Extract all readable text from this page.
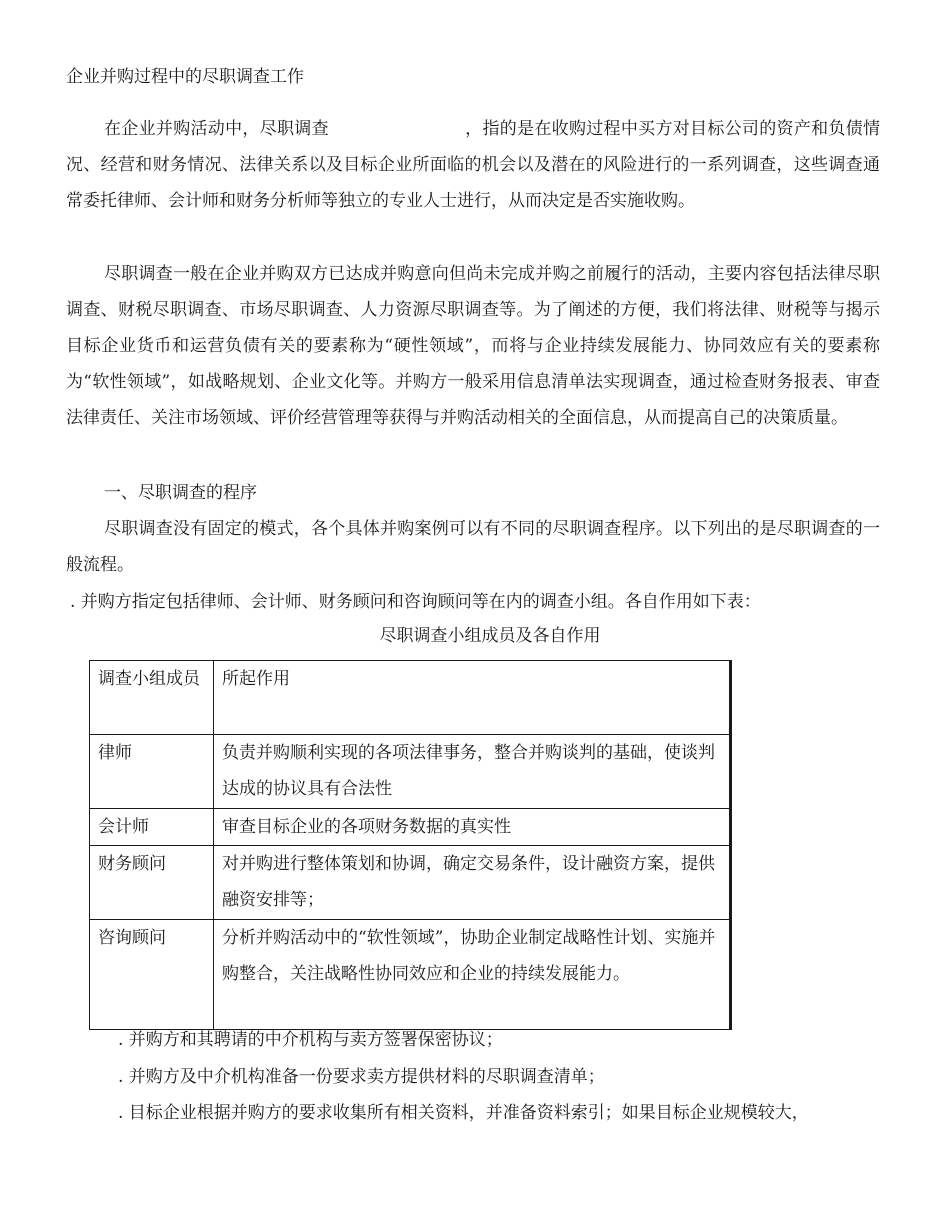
企业并购过程中的尽职调查工作

在企业并购活动中，尽职调查	，指的是在收购过程中买方对目标公司的资产和负债情况、经营和财务情况、法律关系以及目标企业所面临的机会以及潜在的风险进行的一系列调查，这些调查通常委托律师、会计师和财务分析师等独立的专业人士进行，从而决定是否实施收购。

尽职调查一般在企业并购双方已达成并购意向但尚未完成并购之前履行的活动，主要内容包括法律尽职调查、财税尽职调查、市场尽职调查、人力资源尽职调查等。为了阐述的方便，我们将法律、财税等与揭示目标企业货币和运营负债有关的要素称为“硬性领域”，而将与企业持续发展能力、协同效应有关的要素称为“软性领域”，如战略规划、企业文化等。并购方一般采用信息清单法实现调查，通过检查财务报表、审查法律责任、关注市场领域、评价经营管理等获得与并购活动相关的全面信息，从而提高自己的决策质量。

一、尽职调查的程序

尽职调查没有固定的模式，各个具体并购案例可以有不同的尽职调查程序。以下列出的是尽职调查的一般流程。

. 并购方指定包括律师、会计师、财务顾问和咨询顾问等在内的调查小组。各自作用如下表：
尽职调查小组成员及各自作用
调查小组成员	所起作用
律师	负责并购顺利实现的各项法律事务，整合并购谈判的基础，使谈判达成的协议具有合法性
会计师	审查目标企业的各项财务数据的真实性
财务顾问	对并购进行整体策划和协调，确定交易条件，设计融资方案，提供融资安排等；
咨询顾问	分析并购活动中的“软性领域”，协助企业制定战略性计划、实施并购整合，关注战略性协同效应和企业的持续发展能力。
. 并购方和其聘请的中介机构与卖方签署保密协议；
. 并购方及中介机构准备一份要求卖方提供材料的尽职调查清单；
. 目标企业根据并购方的要求收集所有相关资料，并准备资料索引；如果目标企业规模较大，
